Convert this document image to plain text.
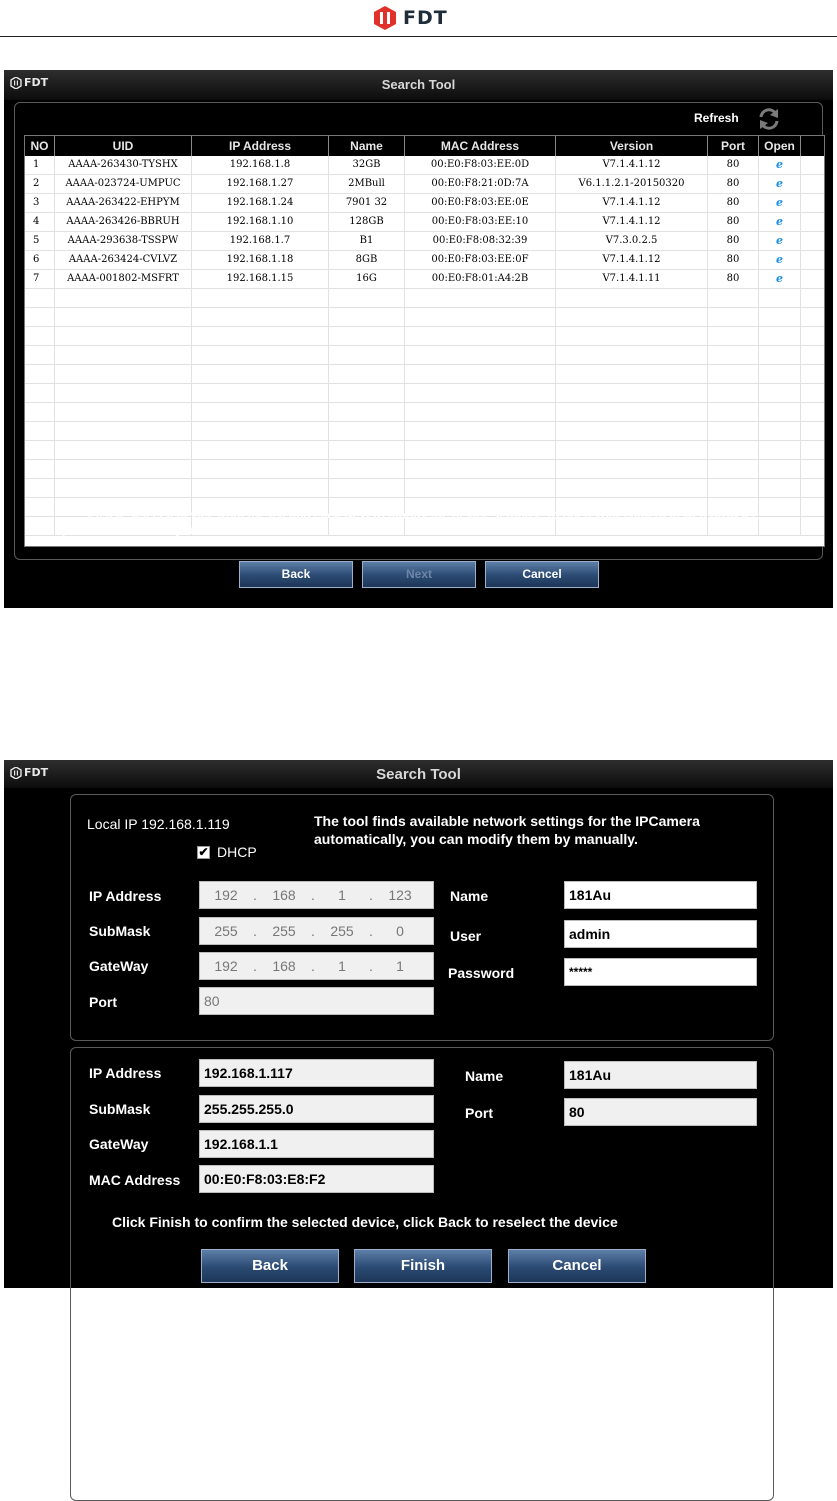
FDT
FDT	Search Tool
Refresh
NO	UID	IP Address	Name	MAC Address	Version	Port	Open
1	AAAA-263430-TYSHX	192.168.1.8	32GB	00:E0:F8:03:EE:0D	V7.1.4.1.12	80	e
2	AAAA-023724-UMPUC	192.168.1.27	2MBull	00:E0:F8:21:0D:7A	V6.1.1.2.1-20150320	80	e
3	AAAA-263422-EHPYM	192.168.1.24	7901 32	00:E0:F8:03:EE:0E	V7.1.4.1.12	80	e
4	AAAA-263426-BBRUH	192.168.1.10	128GB	00:E0:F8:03:EE:10	V7.1.4.1.12	80	e
5	AAAA-293638-TSSPW	192.168.1.7	B1	00:E0:F8:08:32:39	V7.3.0.2.5	80	e
6	AAAA-263424-CVLVZ	192.168.1.18	8GB	00:E0:F8:03:EE:0F	V7.1.4.1.12	80	e
7	AAAA-001802-MSFRT	192.168.1.15	16G	00:E0:F8:01:A4:2B	V7.1.4.1.11	80	e
Please select a device from the list and click Next to modify the device settings. To open your camera in web browser, please double click your camera from the list.
Back	Next	Cancel
FDT	Search Tool
Local IP 192.168.1.119
✔ DHCP
The tool finds available network settings for the IPCamera automatically, you can modify them by manually.
IP Address	192 . 168 . 1 . 123
SubMask	255 . 255 . 255 . 0
GateWay	192 . 168 . 1 . 1
Port	80
Name	181Au
User	admin
Password	*****
IP Address	192.168.1.117
SubMask	255.255.255.0
GateWay	192.168.1.1
MAC Address	00:E0:F8:03:E8:F2
Name	181Au
Port	80
Click Finish to confirm the selected device, click Back to reselect the device
Back	Finish	Cancel
